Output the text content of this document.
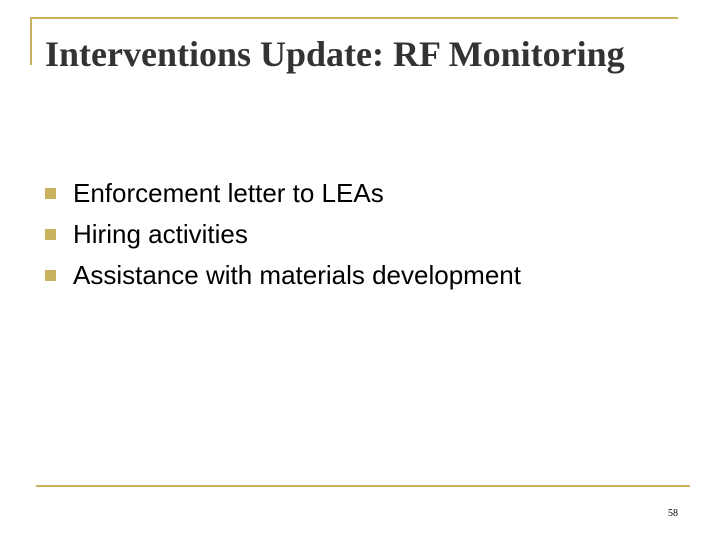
Interventions Update: RF Monitoring
Enforcement letter to LEAs
Hiring activities
Assistance with materials development
58
